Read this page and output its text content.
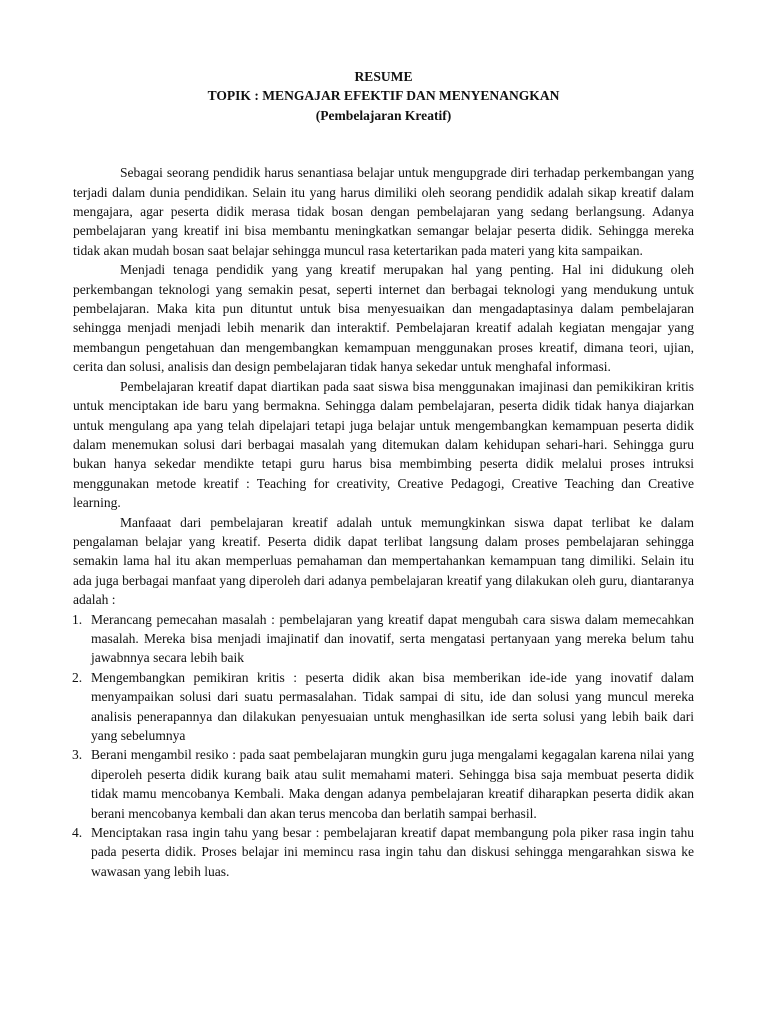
RESUME
TOPIK : MENGAJAR EFEKTIF DAN MENYENANGKAN
(Pembelajaran Kreatif)

Sebagai seorang pendidik harus senantiasa belajar untuk mengupgrade diri terhadap perkembangan yang terjadi dalam dunia pendidikan. Selain itu yang harus dimiliki oleh seorang pendidik adalah sikap kreatif dalam mengajara, agar peserta didik merasa tidak bosan dengan pembelajaran yang sedang berlangsung. Adanya pembelajaran yang kreatif ini bisa membantu meningkatkan semangar belajar peserta didik. Sehingga mereka tidak akan mudah bosan saat belajar sehingga muncul rasa ketertarikan pada materi yang kita sampaikan.

Menjadi tenaga pendidik yang yang kreatif merupakan hal yang penting. Hal ini didukung oleh perkembangan teknologi yang semakin pesat, seperti internet dan berbagai teknologi yang mendukung untuk pembelajaran. Maka kita pun dituntut untuk bisa menyesuaikan dan mengadaptasinya dalam pembelajaran sehingga menjadi menjadi lebih menarik dan interaktif. Pembelajaran kreatif adalah kegiatan mengajar yang membangun pengetahuan dan mengembangkan kemampuan menggunakan proses kreatif, dimana teori, ujian, cerita dan solusi, analisis dan design pembelajaran tidak hanya sekedar untuk menghafal informasi.

Pembelajaran kreatif dapat diartikan pada saat siswa bisa menggunakan imajinasi dan pemikikiran kritis untuk menciptakan ide baru yang bermakna. Sehingga dalam pembelajaran, peserta didik tidak hanya diajarkan untuk mengulang apa yang telah dipelajari tetapi juga belajar untuk mengembangkan kemampuan peserta didik dalam menemukan solusi dari berbagai masalah yang ditemukan dalam kehidupan sehari-hari. Sehingga guru bukan hanya sekedar mendikte tetapi guru harus bisa membimbing peserta didik melalui proses intruksi menggunakan metode kreatif : Teaching for creativity, Creative Pedagogi, Creative Teaching dan Creative learning.

Manfaaat dari pembelajaran kreatif adalah untuk memungkinkan siswa dapat terlibat ke dalam pengalaman belajar yang kreatif. Peserta didik dapat terlibat langsung dalam proses pembelajaran sehingga semakin lama hal itu akan memperluas pemahaman dan mempertahankan kemampuan tang dimiliki. Selain itu ada juga berbagai manfaat yang diperoleh dari adanya pembelajaran kreatif yang dilakukan oleh guru, diantaranya adalah :

1. Merancang pemecahan masalah : pembelajaran yang kreatif dapat mengubah cara siswa dalam memecahkan masalah. Mereka bisa menjadi imajinatif dan inovatif, serta mengatasi pertanyaan yang mereka belum tahu jawabnnya secara lebih baik
2. Mengembangkan pemikiran kritis : peserta didik akan bisa memberikan ide-ide yang inovatif dalam menyampaikan solusi dari suatu permasalahan. Tidak sampai di situ, ide dan solusi yang muncul mereka analisis penerapannya dan dilakukan penyesuaian untuk menghasilkan ide serta solusi yang lebih baik dari yang sebelumnya
3. Berani mengambil resiko : pada saat pembelajaran mungkin guru juga mengalami kegagalan karena nilai yang diperoleh peserta didik kurang baik atau sulit memahami materi. Sehingga bisa saja membuat peserta didik tidak mamu mencobanya Kembali. Maka dengan adanya pembelajaran kreatif diharapkan peserta didik akan berani mencobanya kembali dan akan terus mencoba dan berlatih sampai berhasil.
4. Menciptakan rasa ingin tahu yang besar : pembelajaran kreatif dapat membangung pola piker rasa ingin tahu pada peserta didik. Proses belajar ini memincu rasa ingin tahu dan diskusi sehingga mengarahkan siswa ke wawasan yang lebih luas.
